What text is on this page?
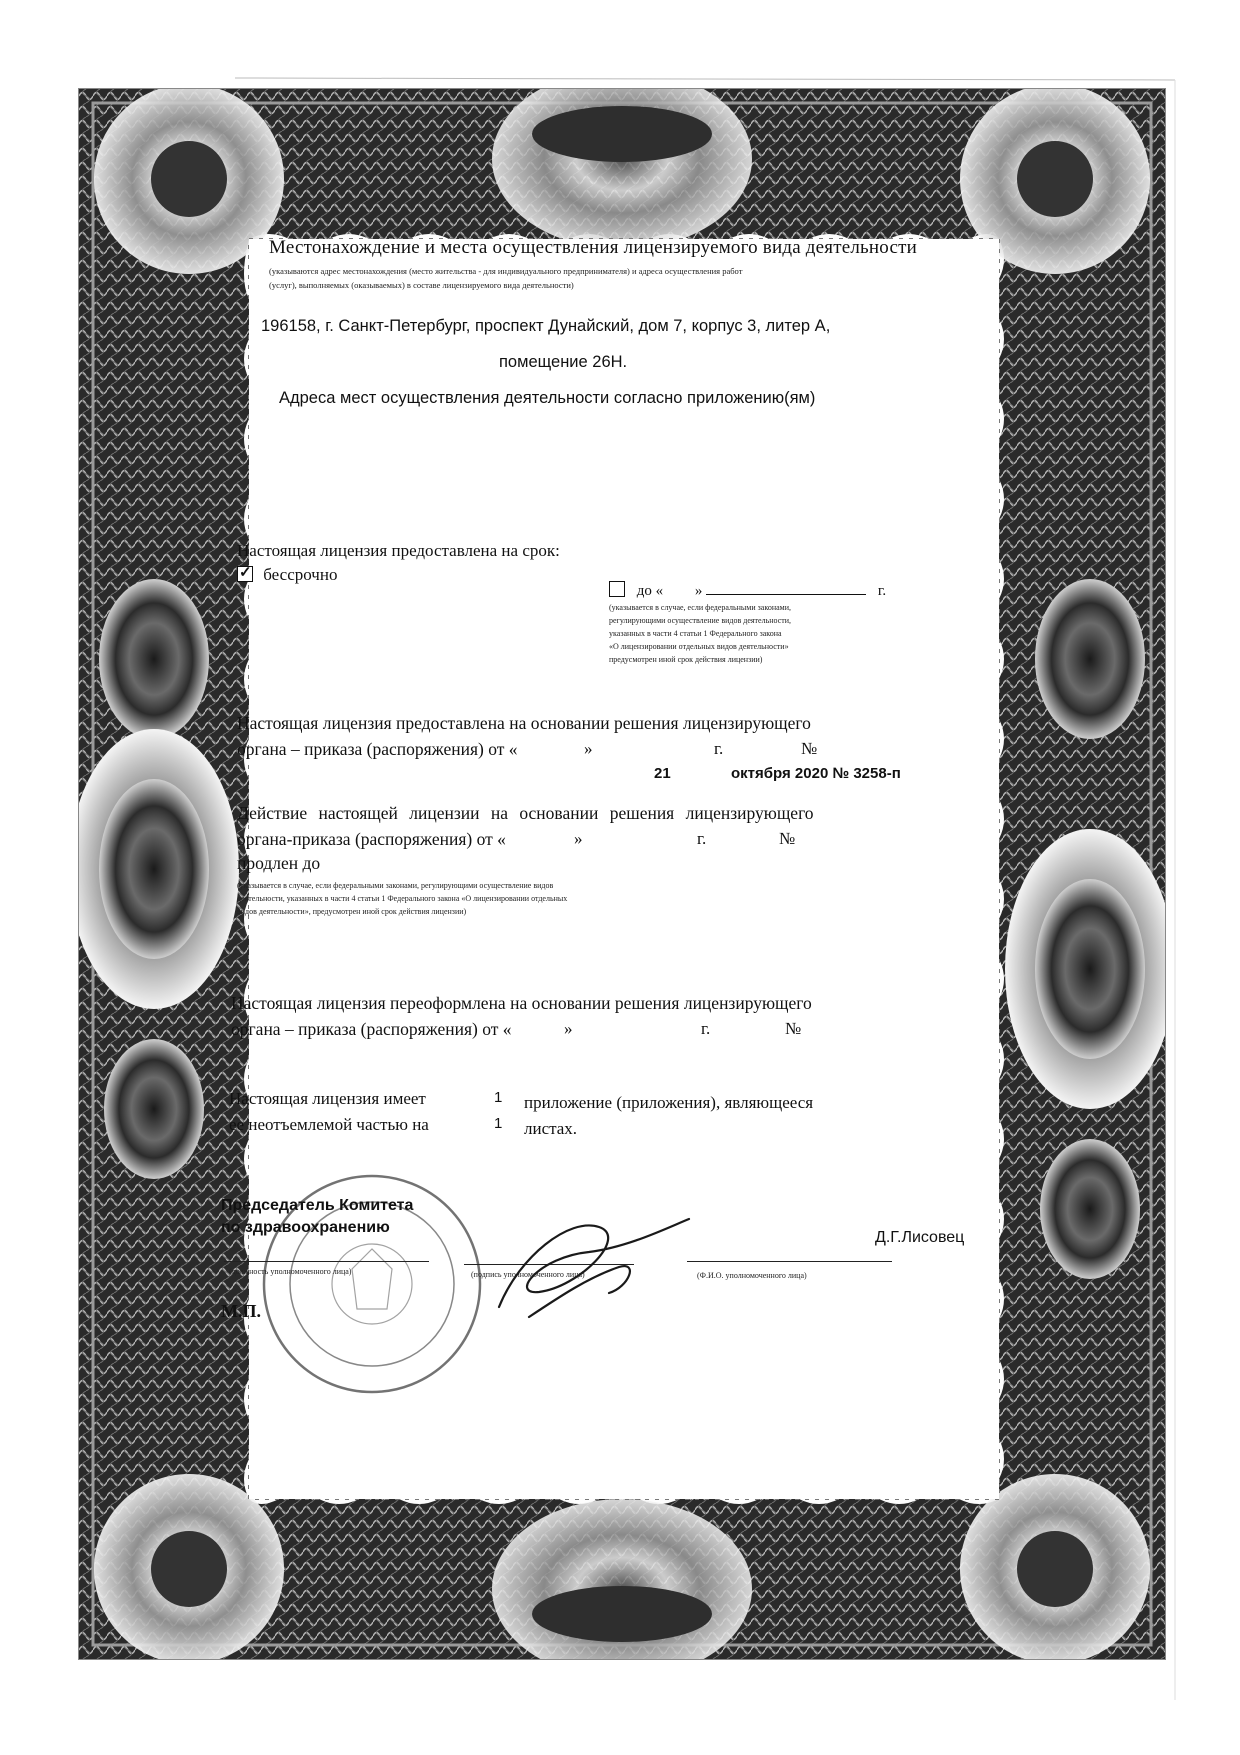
Местонахождение и места осуществления лицензируемого вида деятельности
(указываются адрес местонахождения (место жительства - для индивидуального предпринимателя) и адреса осуществления работ
(услуг), выполняемых (оказываемых) в составе лицензируемого вида деятельности)
196158, г. Санкт-Петербург, проспект Дунайский, дом 7, корпус 3, литер А,
помещение 26Н.
Адреса мест осуществления деятельности согласно приложению(ям)
Настоящая лицензия предоставлена на срок:
✓ бессрочно
до « »	г.
(указывается в случае, если федеральными законами,
регулирующими осуществление видов деятельности,
указанных в части 4 статьи 1 Федерального закона
«О лицензировании отдельных видов деятельности»
предусмотрен иной срок действия лицензии)
Настоящая лицензия предоставлена на основании решения лицензирующего
органа – приказа (распоряжения) от «	»	г.	№
21	октября 2020 № 3258-п
Действие настоящей лицензии на основании решения лицензирующего
органа-приказа (распоряжения) от «	»	г.	№
продлен до
(указывается в случае, если федеральными законами, регулирующими осуществление видов
деятельности, указанных в части 4 статьи 1 Федерального закона «О лицензировании отдельных
видов деятельности», предусмотрен иной срок действия лицензии)
Настоящая лицензия переоформлена на основании решения лицензирующего
органа – приказа (распоряжения) от «	»	г.	№
Настоящая лицензия имеет	1 приложение (приложения), являющееся
ее неотъемлемой частью на	1 листах.
Председатель Комитета
по здравоохранению
(должность уполномоченного лица)	(подпись уполномоченного лица)
Д.Г.Лисовец
(Ф.И.О. уполномоченного лица)
М.П.
